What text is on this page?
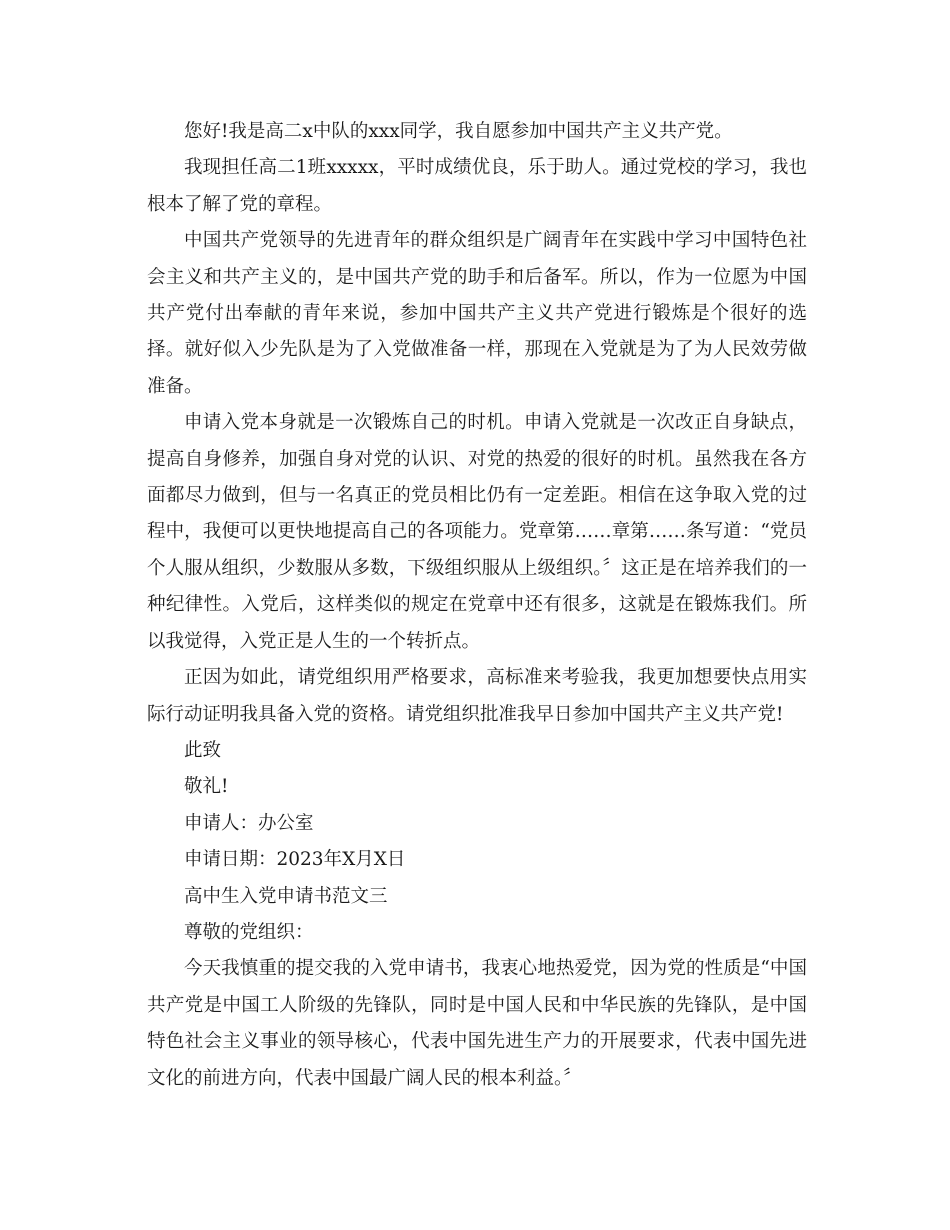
您好!我是高二x中队的xxx同学，我自愿参加中国共产主义共产党。

我现担任高二1班xxxxx，平时成绩优良，乐于助人。通过党校的学习，我也根本了解了党的章程。

中国共产党领导的先进青年的群众组织是广阔青年在实践中学习中国特色社会主义和共产主义的，是中国共产党的助手和后备军。所以，作为一位愿为中国共产党付出奉献的青年来说，参加中国共产主义共产党进行锻炼是个很好的选择。就好似入少先队是为了入党做准备一样，那现在入党就是为了为人民效劳做准备。

申请入党本身就是一次锻炼自己的时机。申请入党就是一次改正自身缺点，提高自身修养，加强自身对党的认识、对党的热爱的很好的时机。虽然我在各方面都尽力做到，但与一名真正的党员相比仍有一定差距。相信在这争取入党的过程中，我便可以更快地提高自己的各项能力。党章第……章第……条写道：“党员个人服从组织，少数服从多数，下级组织服从上级组织。〞这正是在培养我们的一种纪律性。入党后，这样类似的规定在党章中还有很多，这就是在锻炼我们。所以我觉得，入党正是人生的一个转折点。

正因为如此，请党组织用严格要求，高标准来考验我，我更加想要快点用实际行动证明我具备入党的资格。请党组织批准我早日参加中国共产主义共产党!

此致

敬礼!

申请人：办公室

申请日期：2023年X月X日

高中生入党申请书范文三

尊敬的党组织：

今天我慎重的提交我的入党申请书，我衷心地热爱党，因为党的性质是“中国共产党是中国工人阶级的先锋队，同时是中国人民和中华民族的先锋队，是中国特色社会主义事业的领导核心，代表中国先进生产力的开展要求，代表中国先进文化的前进方向，代表中国最广阔人民的根本利益。〞
